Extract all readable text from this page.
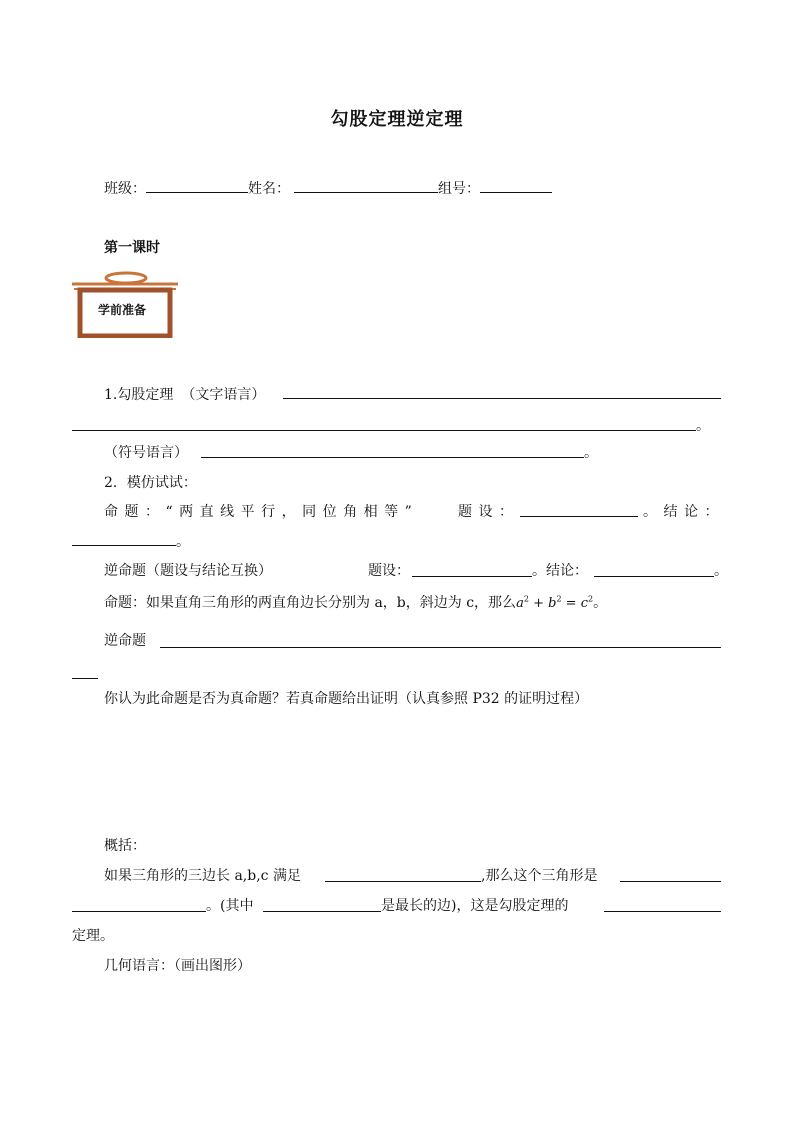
勾股定理逆定理
班级：	姓名：	组号：
第一课时
学前准备
1.勾股定理 （文字语言）
。
（符号语言）	。
2．模仿试试：
命题：“两直线平行，同位角相等”	题设：	。结论：
。
逆命题（题设与结论互换）	题设：	。结论：	。
命题：如果直角三角形的两直角边长分别为 a，b，斜边为 c，那么$a^2 + b^2 = c^2$。
逆命题
你认为此命题是否为真命题？若真命题给出证明（认真参照 P32 的证明过程）
概括：
如果三角形的三边长 a,b,c 满足	,那么这个三角形是
。(其中	是最长的边)，这是勾股定理的
定理。
几何语言：（画出图形）
